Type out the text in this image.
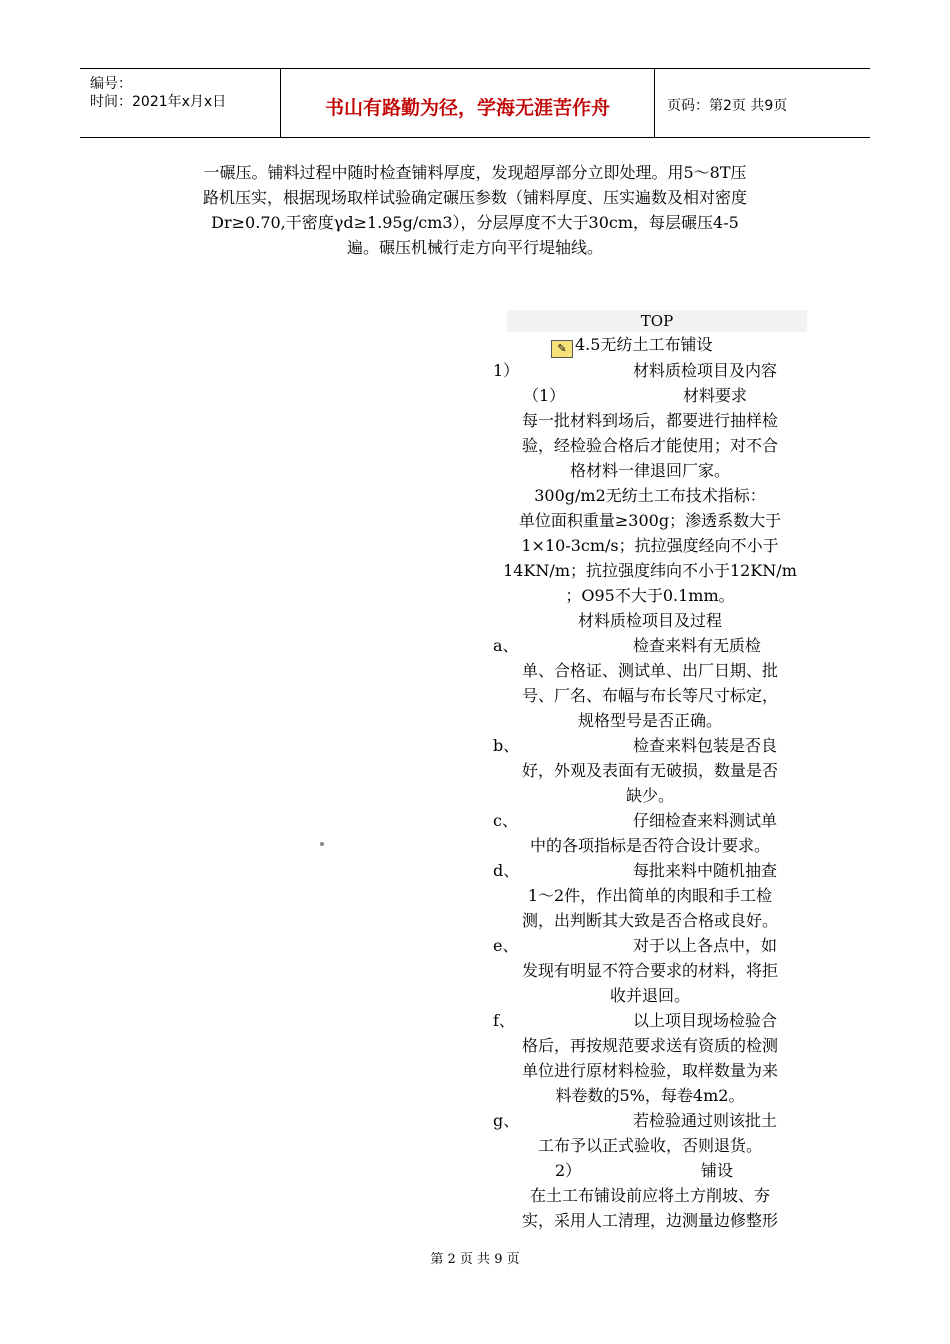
编号：
时间：2021年x月x日	书山有路勤为径，学海无涯苦作舟	页码：第2页 共9页

一碾压。铺料过程中随时检查铺料厚度，发现超厚部分立即处理。用5～8T压

路机压实，根据现场取样试验确定碾压参数（铺料厚度、压实遍数及相对密度

Dr≥0.70,干密度γd≥1.95g/cm3），分层厚度不大于30cm，每层碾压4-5

遍。碾压机械行走方向平行堤轴线。

TOP
✎ 4.5无纺土工布铺设
1）	材料质检项目及内容
（1）	材料要求
每一批材料到场后，都要进行抽样检
验，经检验合格后才能使用；对不合
格材料一律退回厂家。
300g/m2无纺土工布技术指标：
单位面积重量≥300g；渗透系数大于
1×10-3cm/s；抗拉强度经向不小于
14KN/m；抗拉强度纬向不小于12KN/m
；O95不大于0.1mm。
材料质检项目及过程
a、	检查来料有无质检
单、合格证、测试单、出厂日期、批
号、厂名、布幅与布长等尺寸标定，
规格型号是否正确。
b、	检查来料包装是否良
好，外观及表面有无破损，数量是否
缺少。
c、	仔细检查来料测试单
中的各项指标是否符合设计要求。
d、	每批来料中随机抽查
1～2件，作出简单的肉眼和手工检
测，出判断其大致是否合格或良好。
e、	对于以上各点中，如
发现有明显不符合要求的材料，将拒
收并退回。
f、	以上项目现场检验合
格后，再按规范要求送有资质的检测
单位进行原材料检验，取样数量为来
料卷数的5%，每卷4m2。
g、	若检验通过则该批土
工布予以正式验收，否则退货。
2）	铺设
在土工布铺设前应将土方削坡、夯
实，采用人工清理，边测量边修整形
第 2 页 共 9 页
